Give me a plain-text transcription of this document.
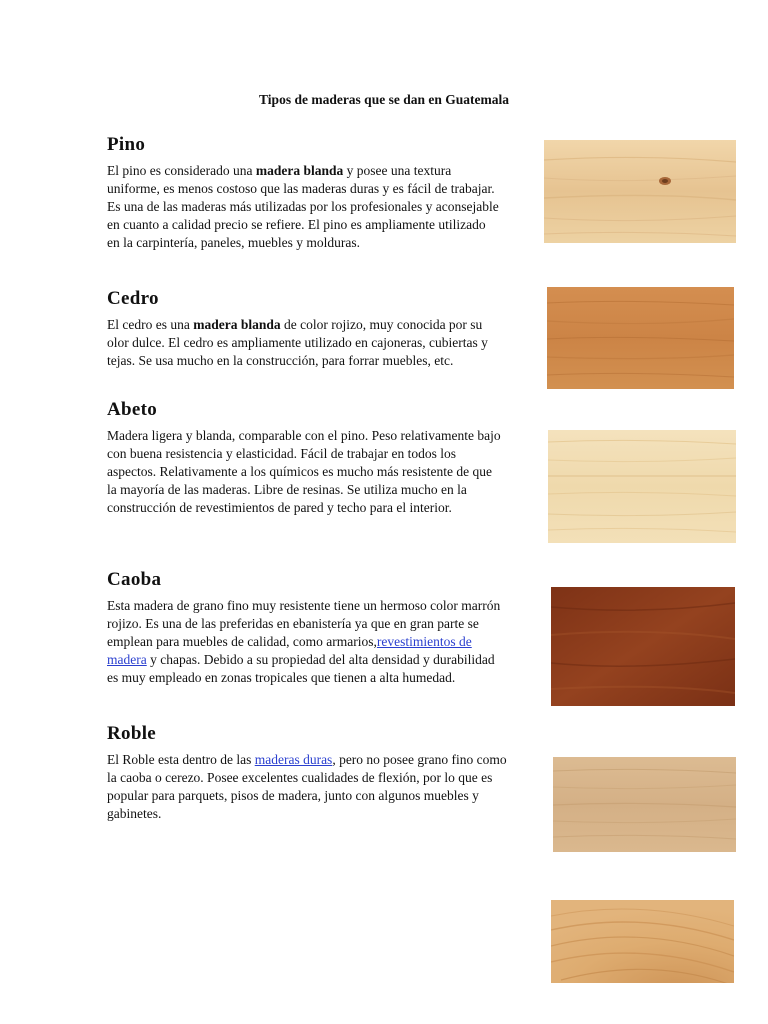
Tipos de maderas que se dan en Guatemala
Pino

El pino es considerado una madera blanda y posee una textura
uniforme, es menos costoso que las maderas duras y es fácil de trabajar.
Es una de las maderas más utilizadas por los profesionales y aconsejable
en cuanto a calidad precio se refiere. El pino es ampliamente utilizado
en la carpintería, paneles, muebles y molduras.

Cedro

El cedro es una madera blanda de color rojizo, muy conocida por su
olor dulce. El cedro es ampliamente utilizado en cajoneras, cubiertas y
tejas. Se usa mucho en la construcción, para forrar muebles, etc.

Abeto

Madera ligera y blanda, comparable con el pino. Peso relativamente bajo
con buena resistencia y elasticidad. Fácil de trabajar en todos los
aspectos. Relativamente a los químicos es mucho más resistente de que
la mayoría de las maderas. Libre de resinas. Se utiliza mucho en la
construcción de revestimientos de pared y techo para el interior.

Caoba

Esta madera de grano fino muy resistente tiene un hermoso color marrón
rojizo. Es una de las preferidas en ebanistería ya que en gran parte se
emplean para muebles de calidad, como armarios,revestimientos de
madera y chapas. Debido a su propiedad del alta densidad y durabilidad
es muy empleado en zonas tropicales que tienen a alta humedad.

Roble

El Roble esta dentro de las maderas duras, pero no posee grano fino como
la caoba o cerezo. Posee excelentes cualidades de flexión, por lo que es
popular para parquets, pisos de madera, junto con algunos muebles y
gabinetes.
